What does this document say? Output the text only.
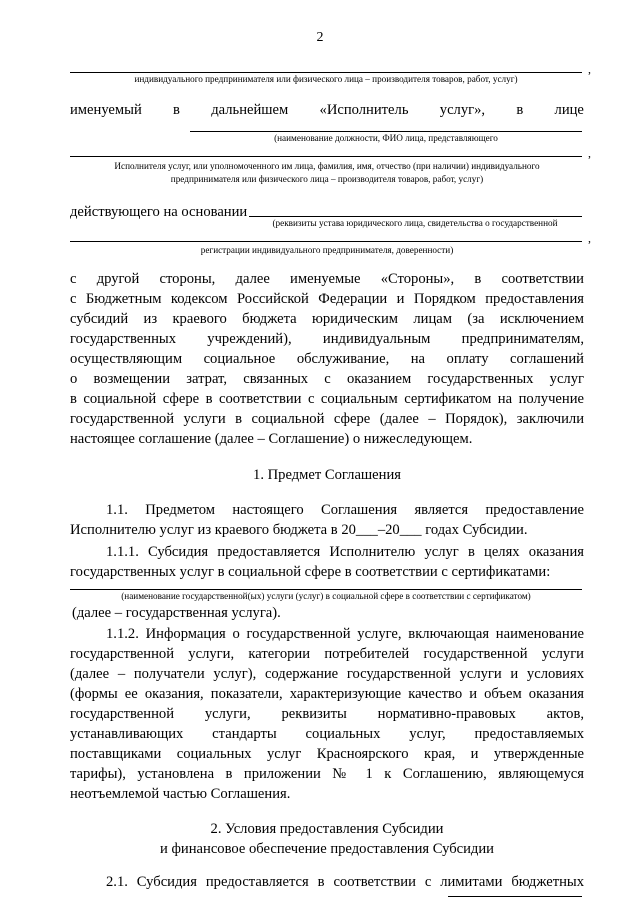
2
,
индивидуального предпринимателя или физического лица – производителя товаров, работ, услуг)
именуемый в дальнейшем «Исполнитель услуг», в лице
(наименование должности, ФИО лица, представляющего
,
Исполнителя услуг, или уполномоченного им лица, фамилия, имя, отчество (при наличии) индивидуального
предпринимателя или физического лица – производителя товаров, работ, услуг)
действующего на основании
(реквизиты устава юридического лица, свидетельства о государственной
,
регистрации индивидуального предпринимателя, доверенности)
с другой стороны, далее именуемые «Стороны», в соответствии
с Бюджетным кодексом Российской Федерации и Порядком предоставления
субсидий из краевого бюджета юридическим лицам (за исключением
государственных учреждений), индивидуальным предпринимателям,
осуществляющим социальное обслуживание, на оплату соглашений
о возмещении затрат, связанных с оказанием государственных услуг
в социальной сфере в соответствии с социальным сертификатом на получение
государственной услуги в социальной сфере (далее – Порядок), заключили
настоящее соглашение (далее – Соглашение) о нижеследующем.
1. Предмет Соглашения
1.1. Предметом настоящего Соглашения является предоставление
Исполнителю услуг из краевого бюджета в 20___–20___ годах Субсидии.
1.1.1. Субсидия предоставляется Исполнителю услуг в целях оказания
государственных услуг в социальной сфере в соответствии с сертификатами:
(наименование государственной(ых) услуги (услуг) в социальной сфере в соответствии с сертификатом)
(далее – государственная услуга).
1.1.2. Информация о государственной услуге, включающая наименование
государственной услуги, категории потребителей государственной услуги
(далее – получатели услуг), содержание государственной услуги и условиях
(формы ее оказания, показатели, характеризующие качество и объем оказания
государственной услуги, реквизиты нормативно-правовых актов,
устанавливающих стандарты социальных услуг, предоставляемых
поставщиками социальных услуг Красноярского края, и утвержденные
тарифы), установлена в приложении № 1 к Соглашению, являющемуся
неотъемлемой частью Соглашения.
2. Условия предоставления Субсидии
и финансовое обеспечение предоставления Субсидии
2.1. Субсидия предоставляется в соответствии с лимитами бюджетных
